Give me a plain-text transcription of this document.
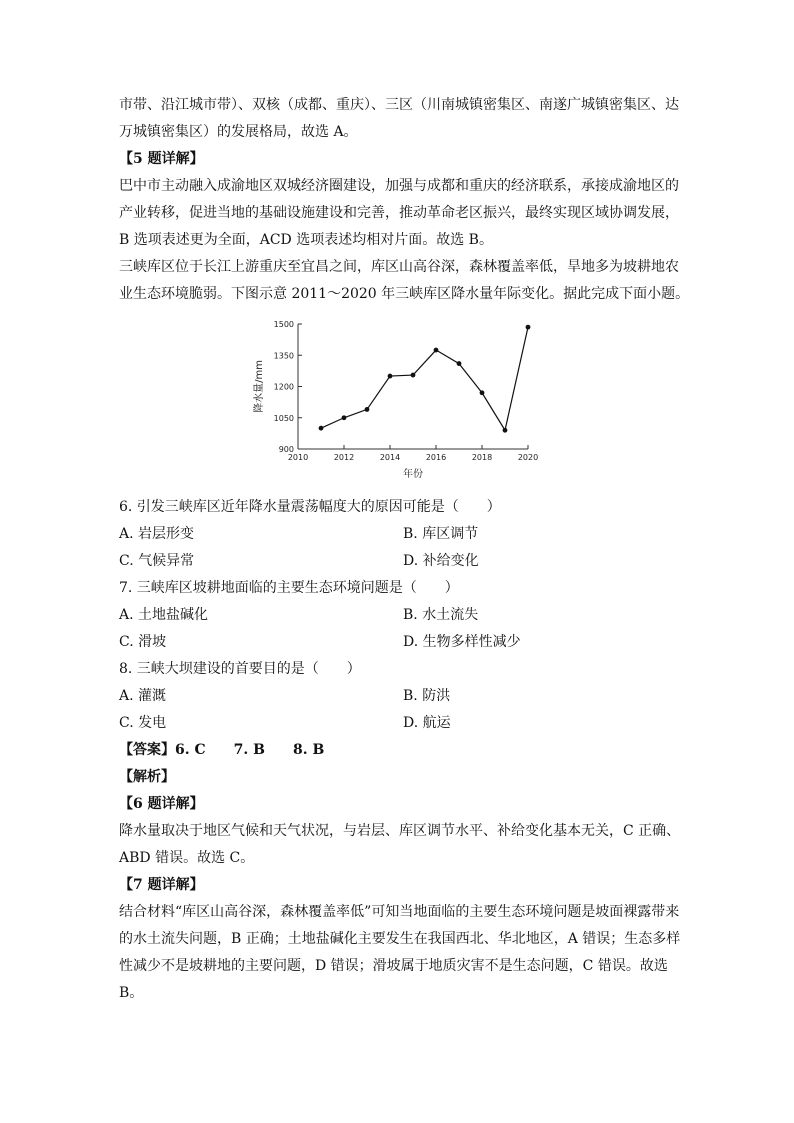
市带、沿江城市带）、双核（成都、重庆）、三区（川南城镇密集区、南遂广城镇密集区、达
万城镇密集区）的发展格局，故选 A。
【5 题详解】
巴中市主动融入成渝地区双城经济圈建设，加强与成都和重庆的经济联系，承接成渝地区的
产业转移，促进当地的基础设施建设和完善，推动革命老区振兴，最终实现区域协调发展，
B 选项表述更为全面，ACD 选项表述均相对片面。故选 B。
三峡库区位于长江上游重庆至宜昌之间，库区山高谷深，森林覆盖率低，旱地多为坡耕地农
业生态环境脆弱。下图示意 2011～2020 年三峡库区降水量年际变化。据此完成下面小题。
900
1050
1200
1350
1500
2010	2012	2014	2016	2018	2020
降水量/mm
年份
6. 引发三峡库区近年降水量震荡幅度大的原因可能是（　　）
A. 岩层形变	B. 库区调节
C. 气候异常	D. 补给变化
7. 三峡库区坡耕地面临的主要生态环境问题是（　　）
A. 土地盐碱化	B. 水土流失
C. 滑坡	D. 生物多样性减少
8. 三峡大坝建设的首要目的是（　　）
A. 灌溉	B. 防洪
C. 发电	D. 航运
【答案】6. C　　7. B　　8. B
【解析】
【6 题详解】
降水量取决于地区气候和天气状况，与岩层、库区调节水平、补给变化基本无关，C 正确、
ABD 错误。故选 C。
【7 题详解】
结合材料“库区山高谷深，森林覆盖率低”可知当地面临的主要生态环境问题是坡面裸露带来
的水土流失问题，B 正确；土地盐碱化主要发生在我国西北、华北地区，A 错误；生态多样
性减少不是坡耕地的主要问题，D 错误；滑坡属于地质灾害不是生态问题，C 错误。故选
B。
